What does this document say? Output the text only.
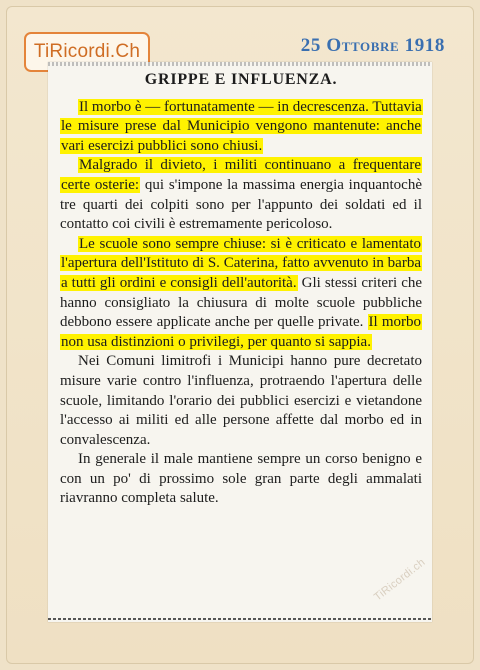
TiRicordi.Ch	25 Ottobre 1918
GRIPPE E INFLUENZA.

Il morbo è — fortunatamente — in decrescenza. Tuttavia le misure prese dal Municipio vengono mantenute: anche vari esercizi pubblici sono chiusi.

Malgrado il divieto, i militi continuano a frequentare certe osterie: qui s'impone la massima energia inquantochè tre quarti dei colpiti sono per l'appunto dei soldati ed il contatto coi civili è estremamente pericoloso.

Le scuole sono sempre chiuse: si è criticato e lamentato l'apertura dell'Istituto di S. Caterina, fatto avvenuto in barba a tutti gli ordini e consigli dell'autorità. Gli stessi criteri che hanno consigliato la chiusura di molte scuole pubbliche debbono essere applicate anche per quelle private. Il morbo non usa distinzioni o privilegi, per quanto si sappia.

Nei Comuni limitrofi i Municipi hanno pure decretato misure varie contro l'influenza, protraendo l'apertura delle scuole, limitando l'orario dei pubblici esercizi e vietandone l'accesso ai militi ed alle persone affette dal morbo ed in convalescenza.

In generale il male mantiene sempre un corso benigno e con un po' di prossimo sole gran parte degli ammalati riavranno completa salute.

TiRicordi.ch
